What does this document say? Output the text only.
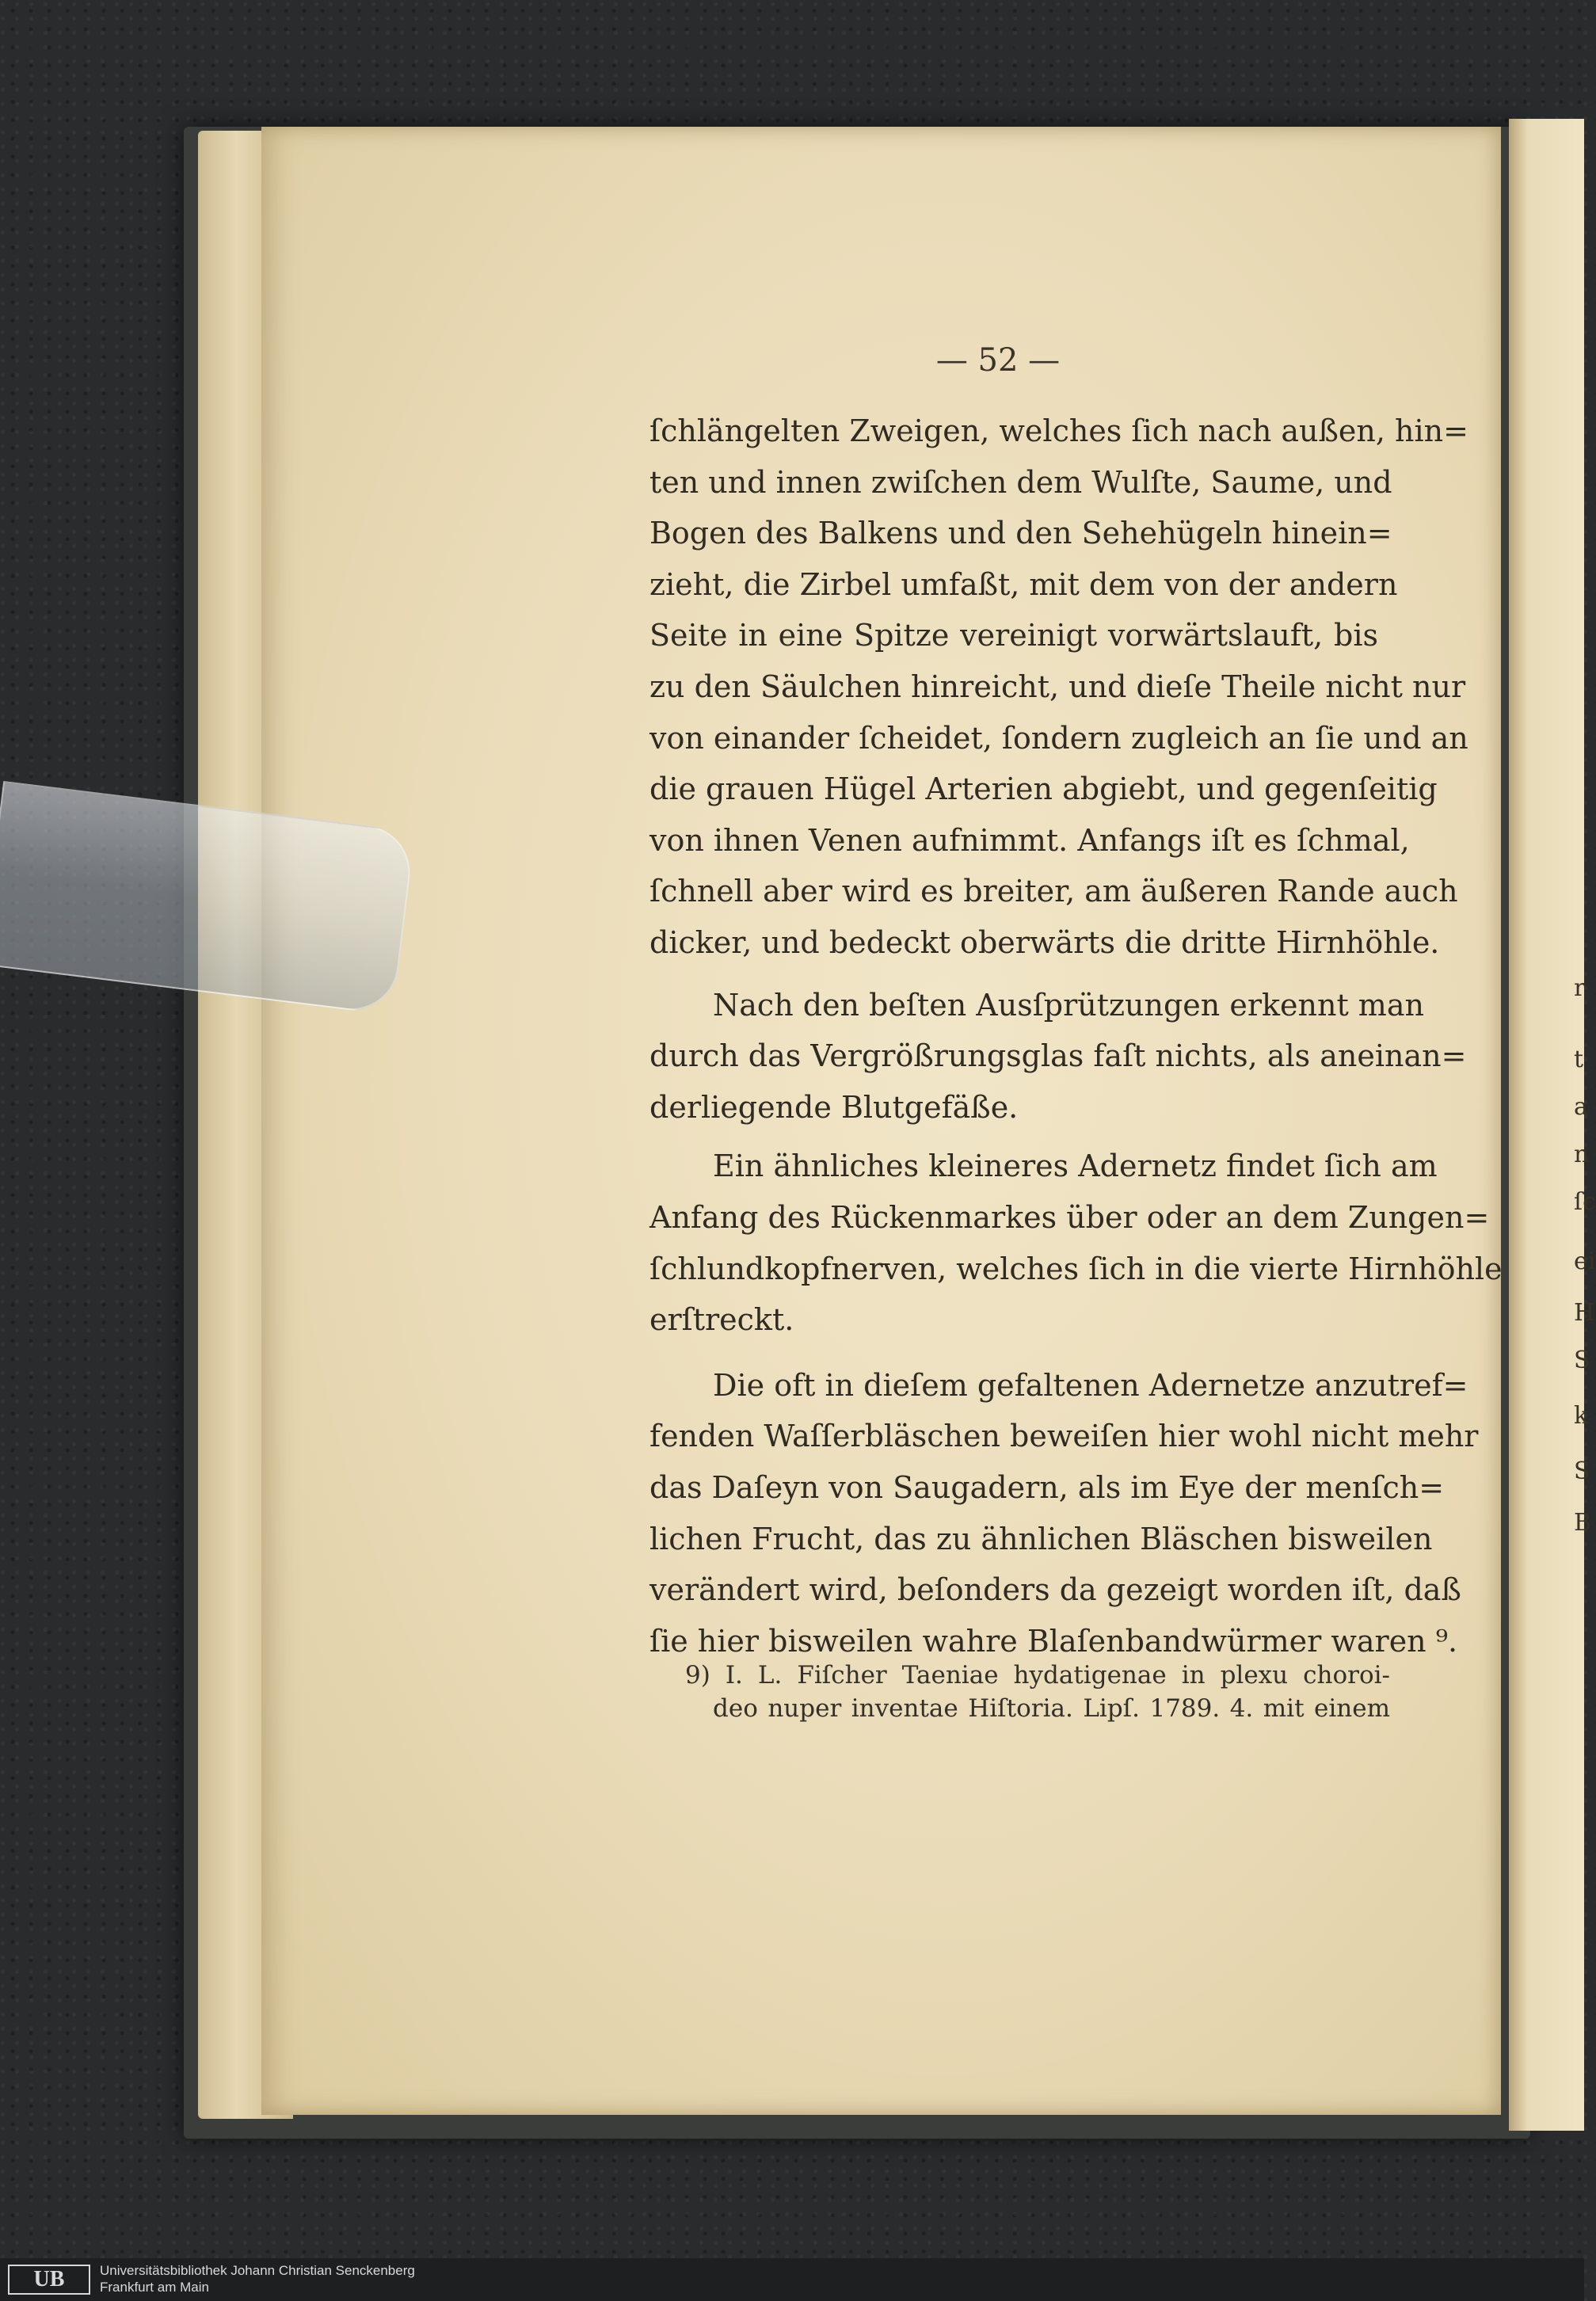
r
t
a
n
ſc
ei
H
S
k
S
B
— 52 —
ſchlängelten Zweigen, welches ſich nach außen, hin=
ten und innen zwiſchen dem Wulſte, Saume, und
Bogen des Balkens und den Sehehügeln hinein=
zieht, die Zirbel umfaßt, mit dem von der andern
Seite in eine Spitze vereinigt vorwärtslauft, bis
zu den Säulchen hinreicht, und dieſe Theile nicht nur
von einander ſcheidet, ſondern zugleich an ſie und an
die grauen Hügel Arterien abgiebt, und gegenſeitig
von ihnen Venen aufnimmt. Anfangs iſt es ſchmal,
ſchnell aber wird es breiter, am äußeren Rande auch
dicker, und bedeckt oberwärts die dritte Hirnhöhle.
Nach den beſten Ausſprützungen erkennt man
durch das Vergrößrungsglas faſt nichts, als aneinan=
derliegende Blutgefäße.
Ein ähnliches kleineres Adernetz findet ſich am
Anfang des Rückenmarkes über oder an dem Zungen=
ſchlundkopfnerven, welches ſich in die vierte Hirnhöhle
erſtreckt.
Die oft in dieſem gefaltenen Adernetze anzutref=
fenden Waſſerbläschen beweiſen hier wohl nicht mehr
das Daſeyn von Saugadern, als im Eye der menſch=
lichen Frucht, das zu ähnlichen Bläschen bisweilen
verändert wird, beſonders da gezeigt worden iſt, daß
ſie hier bisweilen wahre Blaſenbandwürmer waren ⁹.
9) I. L. Fiſcher Taeniae hydatigenae in plexu choroi-
deo nuper inventae Hiſtoria. Lipſ. 1789. 4. mit einem
UB	Universitätsbibliothek Johann Christian Senckenberg
Frankfurt am Main
